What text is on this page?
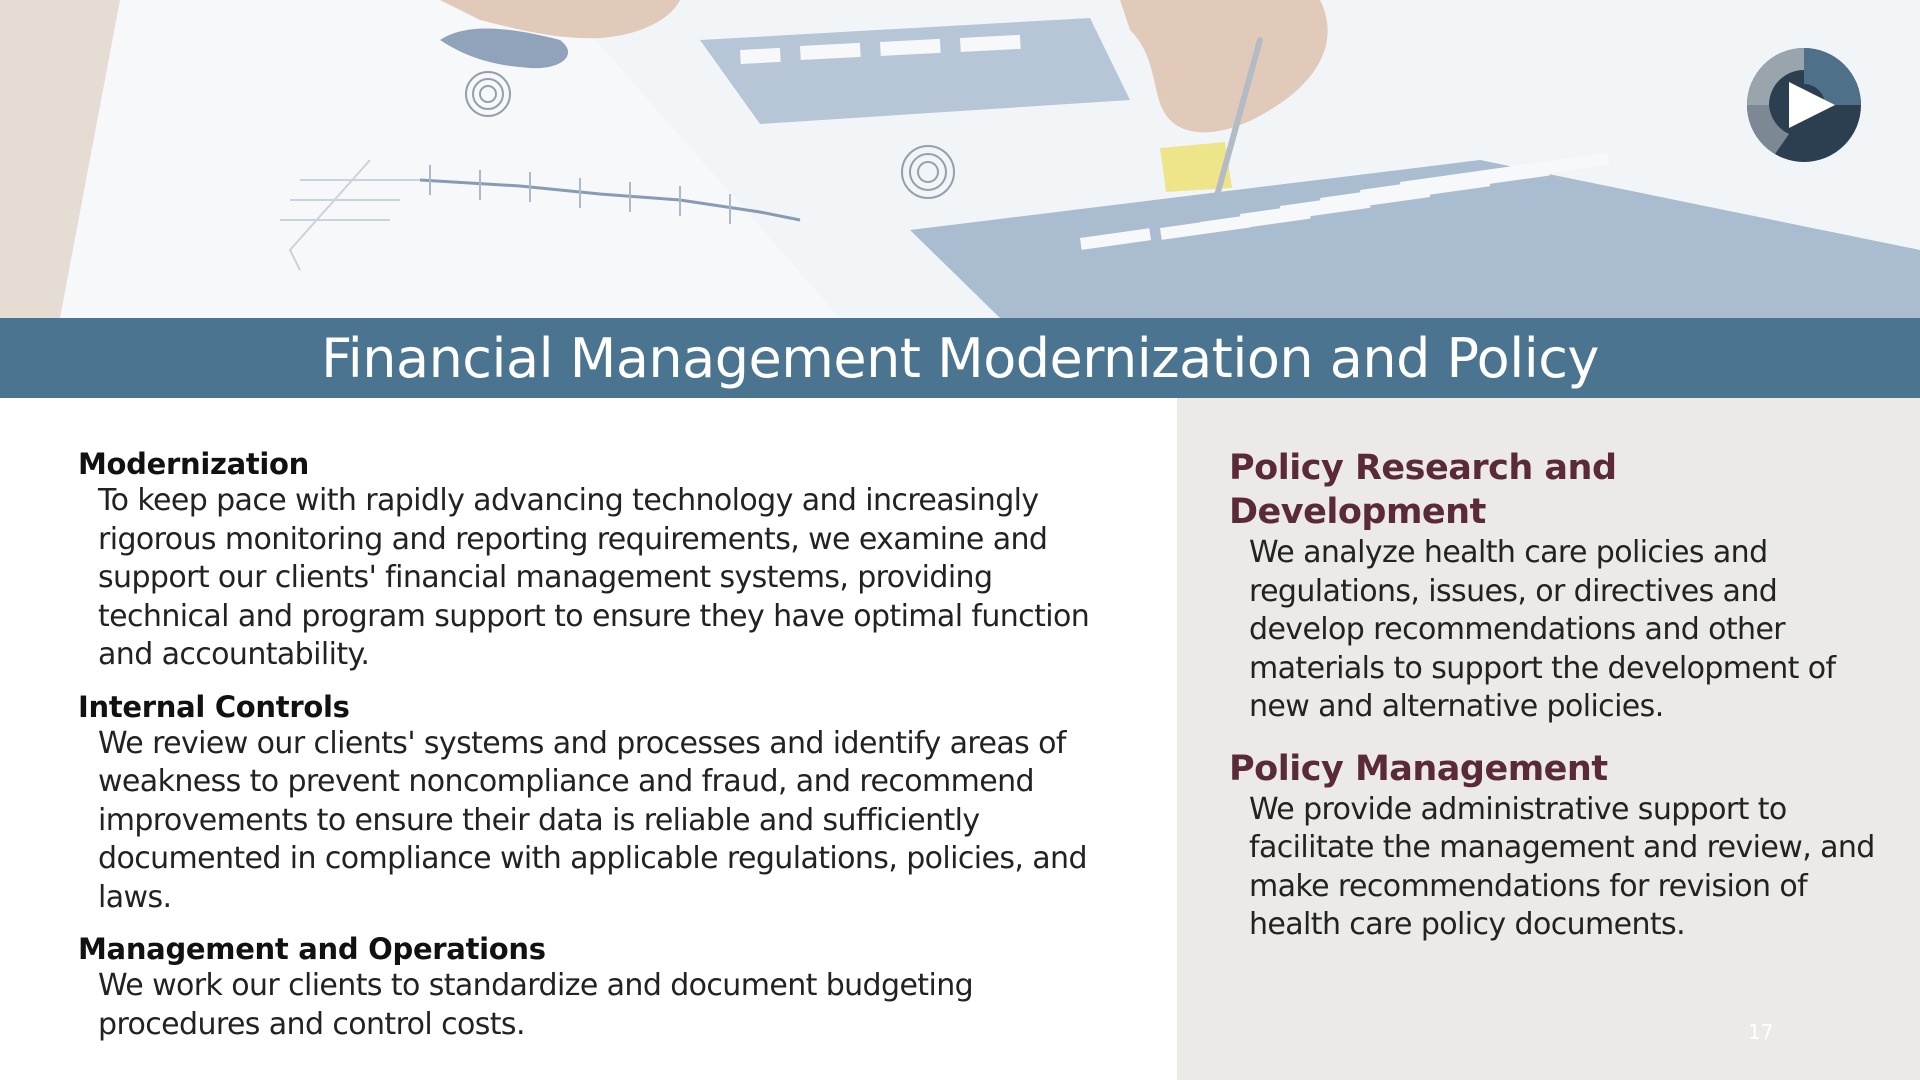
Financial Management Modernization and Policy
Modernization

To keep pace with rapidly advancing technology and increasingly rigorous monitoring and reporting requirements, we examine and support our clients' financial management systems, providing technical and program support to ensure they have optimal function and accountability.

Internal Controls

We review our clients' systems and processes and identify areas of weakness to prevent noncompliance and fraud, and recommend improvements to ensure their data is reliable and sufficiently documented in compliance with applicable regulations, policies, and laws.

Management and Operations

We work our clients to standardize and document budgeting procedures and control costs.

Policy Research and Development

We analyze health care policies and regulations, issues, or directives and develop recommendations and other materials to support the development of new and alternative policies.

Policy Management

We provide administrative support to facilitate the management and review, and make recommendations for revision of health care policy documents.

17
